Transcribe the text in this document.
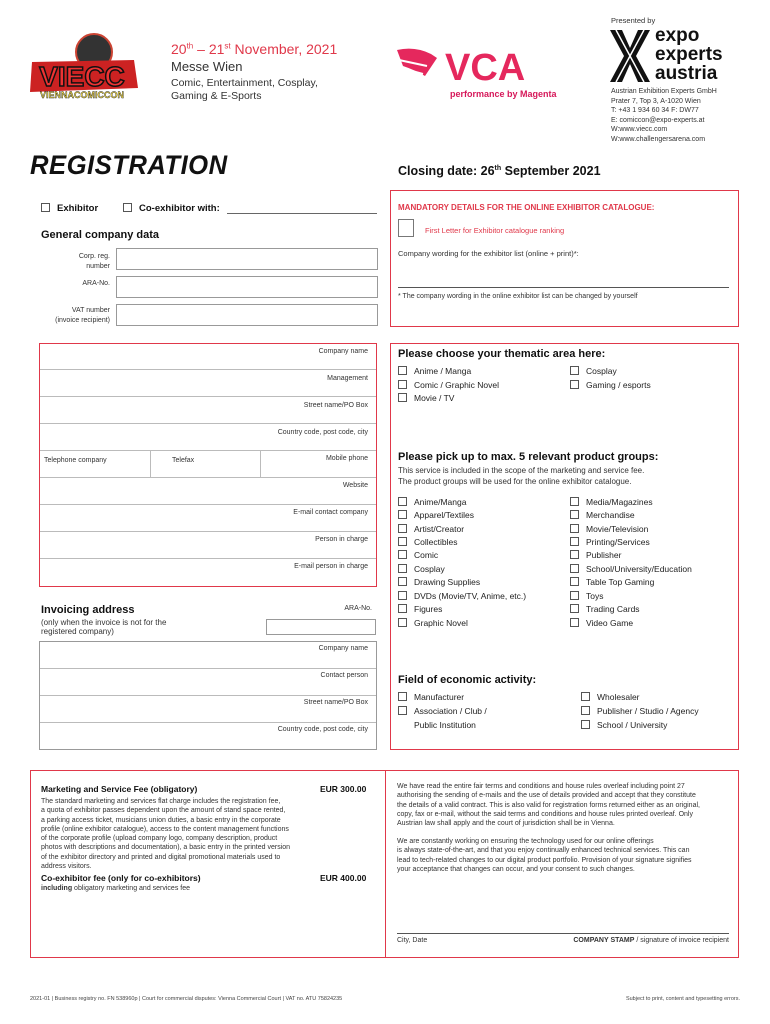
Presented by
VIECC
VIENNACOMICCON
20th – 21st November, 2021
Messe Wien
Comic, Entertainment, Cosplay,
Gaming & E-Sports
VCA
performance by Magenta
expo
experts
austria
Austrian Exhibition Experts GmbH
Prater 7, Top 3, A-1020 Wien
T: +43 1 934 60 34 F: DW77
E: comiccon@expo-experts.at
W:www.viecc.com
W:www.challengersarena.com
REGISTRATION	Closing date: 26th September 2021
Exhibitor	Co-exhibitor with:
General company data
Corp. reg.
number
ARA-No.
VAT number
(invoice recipient)
Company name
Management
Street name/PO Box
Country code, post code, city
Telephone company	Telefax	Mobile phone
Website
E-mail contact company
Person in charge
E-mail person in charge
Invoicing address
(only when the invoice is not for the
registered company)
ARA-No.
Company name
Contact person
Street name/PO Box
Country code, post code, city
MANDATORY DETAILS FOR THE ONLINE EXHIBITOR CATALOGUE:
First Letter for Exhibitor catalogue ranking
Company wording for the exhibitor list (online + print)*:
* The company wording in the online exhibitor list can be changed by yourself
Please choose your thematic area here:
Anime / Manga
Comic / Graphic Novel
Movie / TV
Cosplay
Gaming / esports
Please pick up to max. 5 relevant product groups:
This service is included in the scope of the marketing and service fee.
The product groups will be used for the online exhibitor catalogue.
Anime/Manga
Apparel/Textiles
Artist/Creator
Collectibles
Comic
Cosplay
Drawing Supplies
DVDs (Movie/TV, Anime, etc.)
Figures
Graphic Novel
Media/Magazines
Merchandise
Movie/Television
Printing/Services
Publisher
School/University/Education
Table Top Gaming
Toys
Trading Cards
Video Game
Field of economic activity:
Manufacturer
Association / Club /
Public Institution
Wholesaler
Publisher / Studio / Agency
School / University
Marketing and Service Fee (obligatory)	EUR 300.00
The standard marketing and services flat charge includes the registration fee,
a quota of exhibitor passes dependent upon the amount of stand space rented,
a parking access ticket, musicians union duties, a basic entry in the corporate
profile (online exhibitor catalogue), access to the content management functions
of the corporate profile (upload company logo, company description, product
photos with descriptions and documentation), a basic entry in the printed version
of the exhibitor directory and printed and digital promotional materials used to
address visitors.
Co-exhibitor fee (only for co-exhibitors)	EUR 400.00
including obligatory marketing and services fee
We have read the entire fair terms and conditions and house rules overleaf including point 27
authorising the sending of e-mails and the use of details provided and accept that they constitute
the details of a valid contract. This is also valid for registration forms returned either as an original,
copy, fax or e-mail, without the said terms and conditions and house rules printed overleaf. Only
Austrian law shall apply and the court of jurisdiction shall be in Vienna.
We are constantly working on ensuring the technology used for our online offerings
is always state-of-the-art, and that you enjoy continually enhanced technical services. This can
lead to tech-related changes to our digital product portfolio. Provision of your signature signifies
your acceptance that changes can occur, and your consent to such changes.
City, Date	COMPANY STAMP / signature of invoice recipient
2021-01 | Business registry no. FN 538960p | Court for commercial disputes: Vienna Commercial Court | VAT no. ATU 75824235	Subject to print, content and typesetting errors.
